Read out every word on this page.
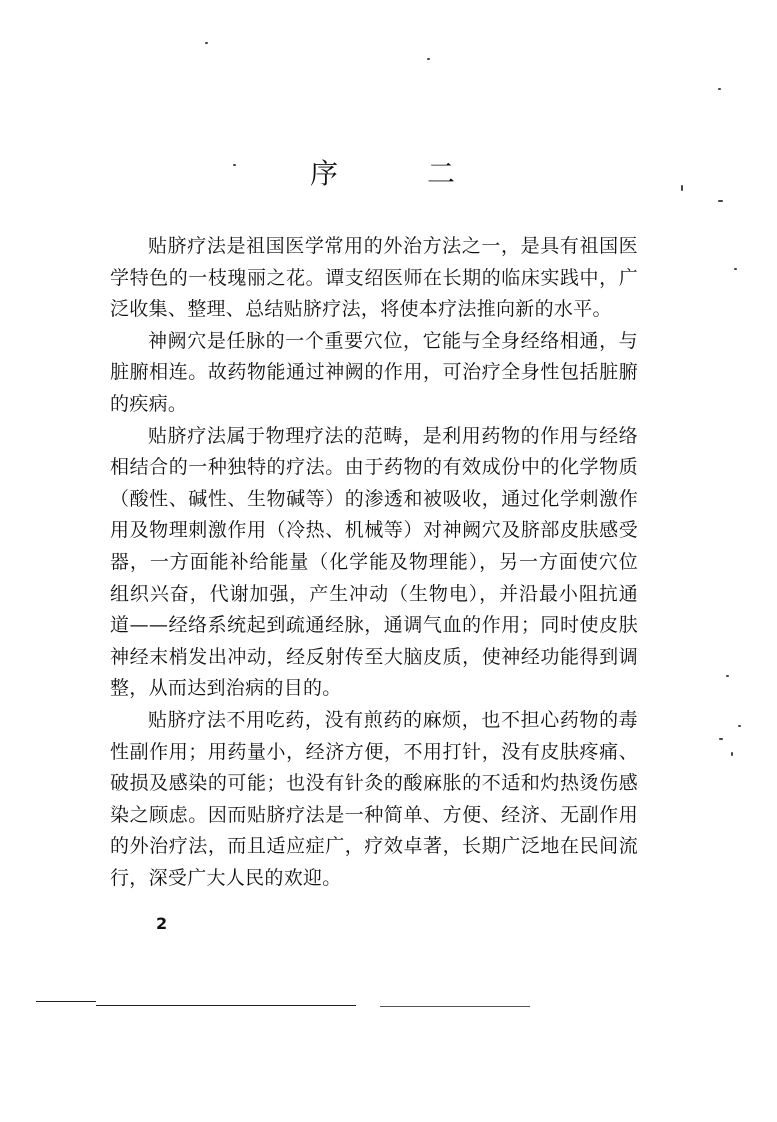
序 二

贴脐疗法是祖国医学常用的外治方法之一，是具有祖国医学特色的一枝瑰丽之花。谭支绍医师在长期的临床实践中，广泛收集、整理、总结贴脐疗法，将使本疗法推向新的水平。

神阙穴是任脉的一个重要穴位，它能与全身经络相通，与脏腑相连。故药物能通过神阙的作用，可治疗全身性包括脏腑的疾病。

贴脐疗法属于物理疗法的范畴，是利用药物的作用与经络相结合的一种独特的疗法。由于药物的有效成份中的化学物质（酸性、碱性、生物碱等）的渗透和被吸收，通过化学刺激作用及物理刺激作用（冷热、机械等）对神阙穴及脐部皮肤感受器，一方面能补给能量（化学能及物理能），另一方面使穴位组织兴奋，代谢加强，产生冲动（生物电），并沿最小阻抗通道——经络系统起到疏通经脉，通调气血的作用；同时使皮肤神经末梢发出冲动，经反射传至大脑皮质，使神经功能得到调整，从而达到治病的目的。

贴脐疗法不用吃药，没有煎药的麻烦，也不担心药物的毒性副作用；用药量小，经济方便，不用打针，没有皮肤疼痛、破损及感染的可能；也没有针灸的酸麻胀的不适和灼热烫伤感染之顾虑。因而贴脐疗法是一种简单、方便、经济、无副作用的外治疗法，而且适应症广，疗效卓著，长期广泛地在民间流行，深受广大人民的欢迎。

2
